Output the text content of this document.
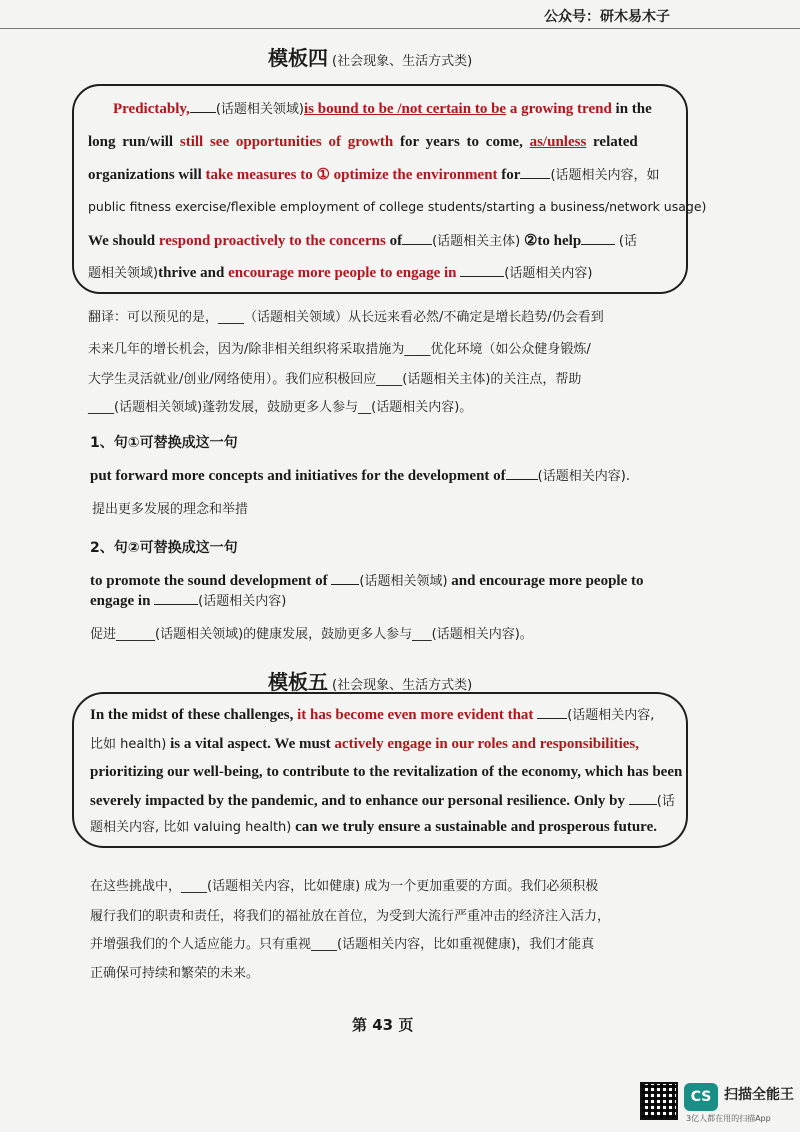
公众号：研木易木子
模板四 (社会现象、生活方式类)
Predictably, (话题相关领域)is bound to be /not certain to be a growing trend in the
long run/will still see opportunities of growth for years to come, as/unless related
organizations will take measures to ① optimize the environment for (话题相关内容，如
public fitness exercise/flexible employment of college students/starting a business/network usage)
We should respond proactively to the concerns of (话题相关主体) ②to help	(话
题相关领域)thrive and encourage more people to engage in	(话题相关内容)
翻译：可以预见的是，____（话题相关领域）从长远来看必然/不确定是增长趋势/仍会看到
未来几年的增长机会，因为/除非相关组织将采取措施为____优化环境（如公众健身锻炼/
大学生灵活就业/创业/网络使用）。我们应积极回应____(话题相关主体)的关注点，帮助
____(话题相关领域)蓬勃发展，鼓励更多人参与__(话题相关内容)。
1、句①可替换成这一句
put forward more concepts and initiatives for the development of (话题相关内容).
提出更多发展的理念和举措
2、句②可替换成这一句
to promote the sound development of (话题相关领域) and encourage more people to
engage in	(话题相关内容)
促进______(话题相关领域)的健康发展，鼓励更多人参与___(话题相关内容)。
模板五 (社会现象、生活方式类)
In the midst of these challenges, it has become even more evident that	(话题相关内容,
比如 health) is a vital aspect. We must actively engage in our roles and responsibilities,
prioritizing our well-being, to contribute to the revitalization of the economy, which has been
severely impacted by the pandemic, and to enhance our personal resilience. Only by (话
题相关内容, 比如 valuing health) can we truly ensure a sustainable and prosperous future.
在这些挑战中，____(话题相关内容，比如健康) 成为一个更加重要的方面。我们必须积极
履行我们的职责和责任，将我们的福祉放在首位，为受到大流行严重冲击的经济注入活力，
并增强我们的个人适应能力。只有重视____(话题相关内容，比如重视健康)，我们才能真
正确保可持续和繁荣的未来。
第 43 页
CS 扫描全能王
3亿人都在用的扫描App
